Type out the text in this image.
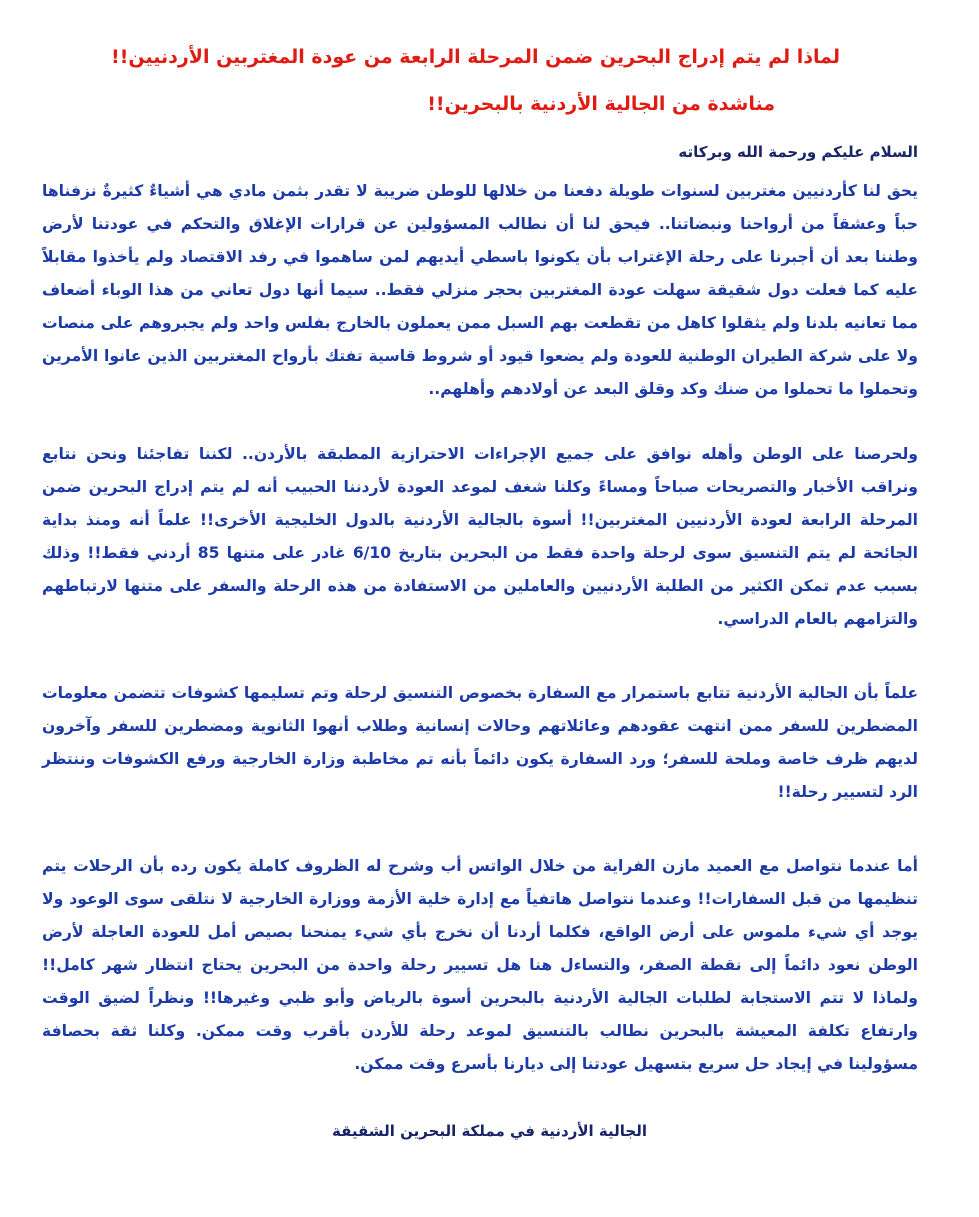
لماذا لم يتم إدراج البحرين ضمن المرحلة الرابعة من عودة المغتربين الأردنيين!!
مناشدة من الجالية الأردنية بالبحرين!!
السلام عليكم ورحمة الله وبركاته
يحق لنا كأردنيين مغتربين لسنوات طويلة دفعنا من خلالها للوطن ضريبة لا تقدر بثمن مادي هي أشياءٌ كثيرةٌ نزفناها حباً وعشقاً من أرواحنا ونبضاتنا.. فيحق لنا أن نطالب المسؤولين عن قرارات الإغلاق والتحكم في عودتنا لأرض وطننا بعد أن أجبرنا على رحلة الإغتراب بأن يكونوا باسطي أيديهم لمن ساهموا في رفد الاقتصاد ولم يأخذوا مقابلاً عليه كما فعلت دول شقيقة سهلت عودة المغتربين بحجر منزلي فقط.. سيما أنها دول تعاني من هذا الوباء أضعاف مما تعانيه بلدنا ولم يثقلوا كاهل من تقطعت بهم السبل ممن يعملون بالخارج بفلس واحد ولم يجبروهم على منصات ولا على شركة الطيران الوطنية للعودة ولم يضعوا قيود أو شروط قاسية تفتك بأرواح المغتربين الذين عانوا الأمرين وتحملوا ما تحملوا من ضنك وكد وقلق البعد عن أولادهم وأهلهم..
ولحرصنا على الوطن وأهله نوافق على جميع الإجراءات الاحترازية المطبقة بالأردن.. لكننا تفاجئنا ونحن نتابع ونراقب الأخبار والتصريحات صباحاً ومساءً وكلنا شغف لموعد العودة لأردننا الحبيب أنه لم يتم إدراج البحرين ضمن المرحلة الرابعة لعودة الأردنيين المغتربين!! أسوة بالجالية الأردنية بالدول الخليجية الأخرى!! علماً أنه ومنذ بداية الجائحة لم يتم التنسيق سوى لرحلة واحدة فقط من البحرين بتاريخ 6/10 غادر على متنها 85 أردني فقط!! وذلك بسبب عدم تمكن الكثير من الطلبة الأردنيين والعاملين من الاستفادة من هذه الرحلة والسفر على متنها لارتباطهم والتزامهم بالعام الدراسي.
علماً بأن الجالية الأردنية تتابع باستمرار مع السفارة بخصوص التنسيق لرحلة وتم تسليمها كشوفات تتضمن معلومات المضطرين للسفر ممن انتهت عقودهم وعائلاتهم وحالات إنسانية وطلاب أنهوا الثانوية ومضطرين للسفر وآخرون لديهم ظرف خاصة وملحة للسفر؛ ورد السفارة يكون دائماً بأنه تم مخاطبة وزارة الخارجية ورفع الكشوفات وننتظر الرد لتسيير رحلة!!
أما عندما نتواصل مع العميد مازن الفراية من خلال الواتس أب وشرح له الظروف كاملة يكون رده بأن الرحلات يتم تنظيمها من قبل السفارات!! وعندما نتواصل هاتفياً مع إدارة خلية الأزمة ووزارة الخارجية لا نتلقى سوى الوعود ولا يوجد أي شيء ملموس على أرض الواقع، فكلما أردنا أن نخرج بأي شيء يمنحنا بصيص أمل للعودة العاجلة لأرض الوطن نعود دائماً إلى نقطة الصفر، والتساءل هنا هل تسيير رحلة واحدة من البحرين يحتاج انتظار شهر كامل!! ولماذا لا تتم الاستجابة لطلبات الجالية الأردنية بالبحرين أسوة بالرياض وأبو ظبي وغيرها!! ونظراً لضيق الوقت وارتفاع تكلفة المعيشة بالبحرين نطالب بالتنسيق لموعد رحلة للأردن بأقرب وقت ممكن. وكلنا ثقة بحصافة مسؤولينا في إيجاد حل سريع بتسهيل عودتنا إلى ديارنا بأسرع وقت ممكن.
الجالية الأردنية في مملكة البحرين الشقيقة
